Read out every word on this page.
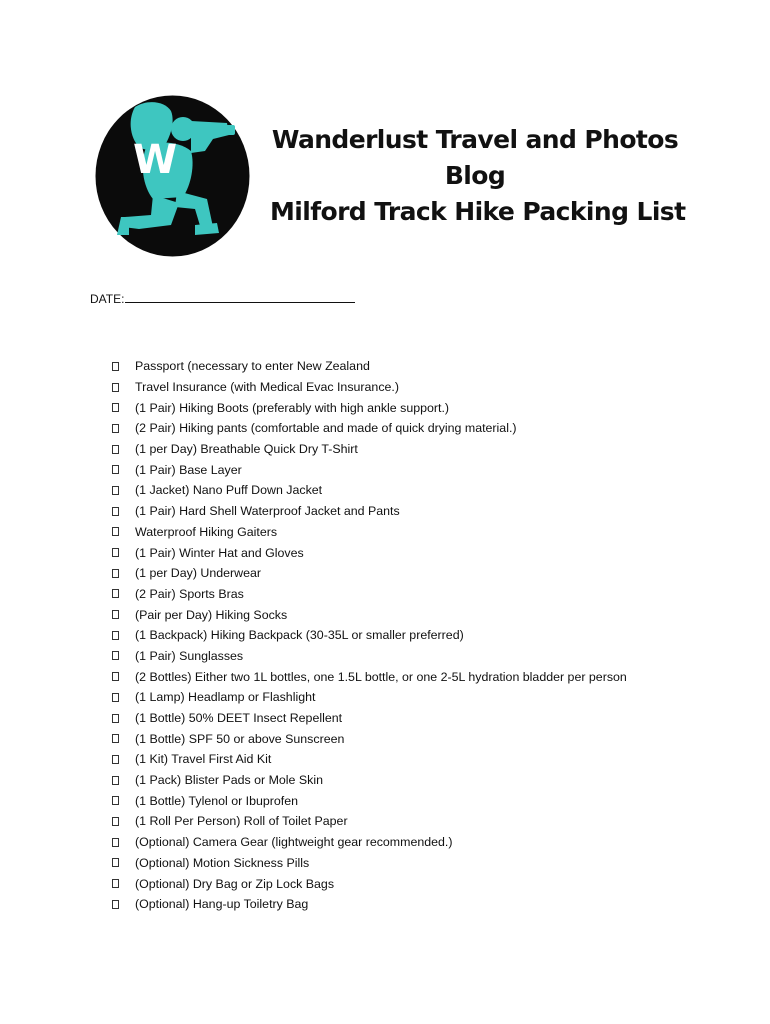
W	Wanderlust Travel and Photos
Blog
Milford Track Hike Packing List
DATE:
Passport (necessary to enter New Zealand
Travel Insurance (with Medical Evac Insurance.)
(1 Pair) Hiking Boots (preferably with high ankle support.)
(2 Pair) Hiking pants (comfortable and made of quick drying material.)
(1 per Day) Breathable Quick Dry T-Shirt
(1 Pair) Base Layer
(1 Jacket) Nano Puff Down Jacket
(1 Pair) Hard Shell Waterproof Jacket and Pants
Waterproof Hiking Gaiters
(1 Pair) Winter Hat and Gloves
(1 per Day) Underwear
(2 Pair) Sports Bras
(Pair per Day) Hiking Socks
(1 Backpack) Hiking Backpack (30-35L or smaller preferred)
(1 Pair) Sunglasses
(2 Bottles) Either two 1L bottles, one 1.5L bottle, or one 2-5L hydration bladder per person
(1 Lamp) Headlamp or Flashlight
(1 Bottle) 50% DEET Insect Repellent
(1 Bottle) SPF 50 or above Sunscreen
(1 Kit) Travel First Aid Kit
(1 Pack) Blister Pads or Mole Skin
(1 Bottle) Tylenol or Ibuprofen
(1 Roll Per Person) Roll of Toilet Paper
(Optional) Camera Gear (lightweight gear recommended.)
(Optional) Motion Sickness Pills
(Optional) Dry Bag or Zip Lock Bags
(Optional) Hang-up Toiletry Bag
